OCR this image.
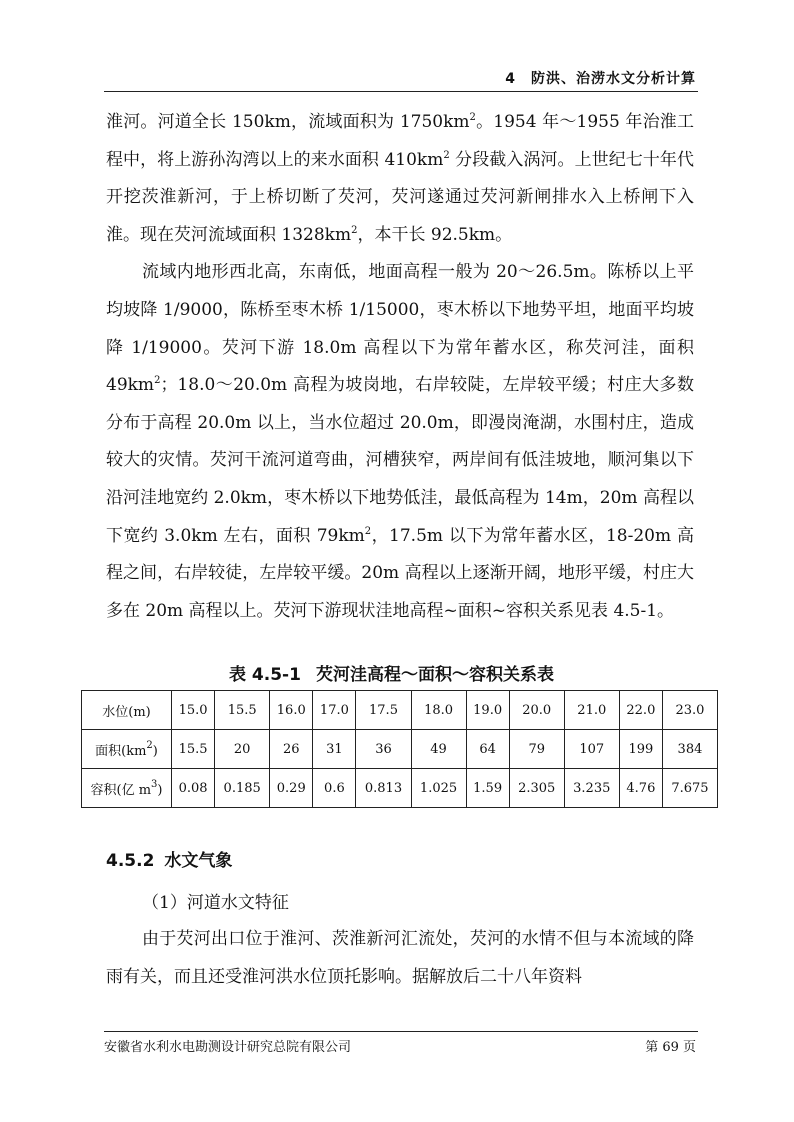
4　防洪、治涝水文分析计算

淮河。河道全长 150km，流域面积为 $1750km^2$。1954 年～1955 年治淮工程中，将上游孙沟湾以上的来水面积 $410km^2$ 分段截入涡河。上世纪七十年代开挖茨淮新河，于上桥切断了芡河，芡河遂通过芡河新闸排水入上桥闸下入淮。现在芡河流域面积 $1328km^2$，本干长 92.5km。

流域内地形西北高，东南低，地面高程一般为 20～26.5m。陈桥以上平均坡降 1/9000，陈桥至枣木桥 1/15000，枣木桥以下地势平坦，地面平均坡降 1/19000。芡河下游 18.0m 高程以下为常年蓄水区，称芡河洼，面积 $49km^2$；18.0～20.0m 高程为坡岗地，右岸较陡，左岸较平缓；村庄大多数分布于高程 20.0m 以上，当水位超过 20.0m，即漫岗淹湖，水围村庄，造成较大的灾情。芡河干流河道弯曲，河槽狭窄，两岸间有低洼坡地，顺河集以下沿河洼地宽约 2.0km，枣木桥以下地势低洼，最低高程为 14m，20m 高程以下宽约 3.0km 左右，面积 $79km^2$，17.5m 以下为常年蓄水区，18-20m 高程之间，右岸较徒，左岸较平缓。20m 高程以上逐渐开阔，地形平缓，村庄大多在 20m 高程以上。芡河下游现状洼地高程~面积~容积关系见表 4.5-1。

表 4.5-1 芡河洼高程～面积～容积关系表
水位(m)	15.0	15.5	16.0	17.0	17.5	18.0	19.0	20.0	21.0	22.0	23.0
面积$(km^2)$	15.5	20	26	31	36	49	64	79	107	199	384
容积(亿 $m^3$)	0.08	0.185	0.29	0.6	0.813	1.025	1.59	2.305	3.235	4.76	7.675
4.5.2 水文气象
（1）河道水文特征

由于芡河出口位于淮河、茨淮新河汇流处，芡河的水情不但与本流域的降雨有关，而且还受淮河洪水位顶托影响。据解放后二十八年资料

安徽省水利水电勘测设计研究总院有限公司	第 69 页
